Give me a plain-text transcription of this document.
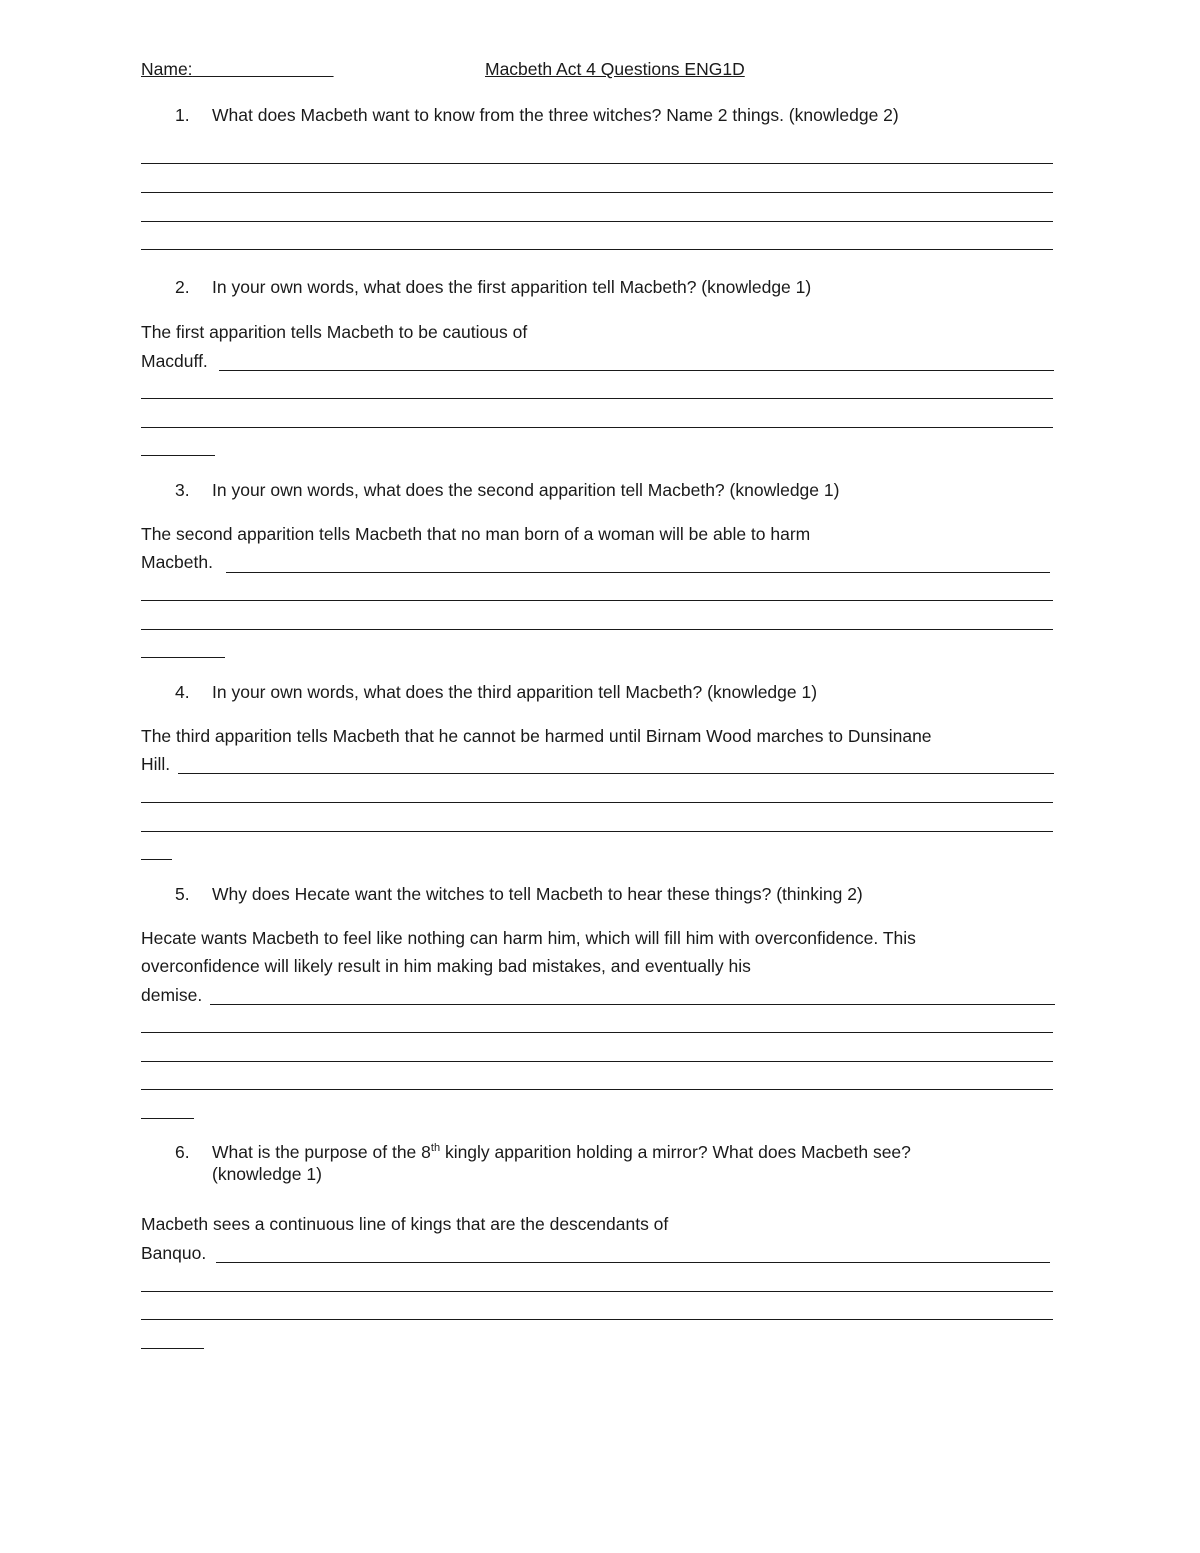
Name:	Macbeth Act 4 Questions ENG1D
1. What does Macbeth want to know from the three witches? Name 2 things. (knowledge 2)
2. In your own words, what does the first apparition tell Macbeth? (knowledge 1)
The first apparition tells Macbeth to be cautious of
Macduff.
3. In your own words, what does the second apparition tell Macbeth? (knowledge 1)
The second apparition tells Macbeth that no man born of a woman will be able to harm
Macbeth.
4. In your own words, what does the third apparition tell Macbeth? (knowledge 1)
The third apparition tells Macbeth that he cannot be harmed until Birnam Wood marches to Dunsinane
Hill.
5. Why does Hecate want the witches to tell Macbeth to hear these things? (thinking 2)
Hecate wants Macbeth to feel like nothing can harm him, which will fill him with overconfidence. This
overconfidence will likely result in him making bad mistakes, and eventually his
demise.
6. What is the purpose of the 8th kingly apparition holding a mirror? What does Macbeth see?
(knowledge 1)
Macbeth sees a continuous line of kings that are the descendants of
Banquo.
